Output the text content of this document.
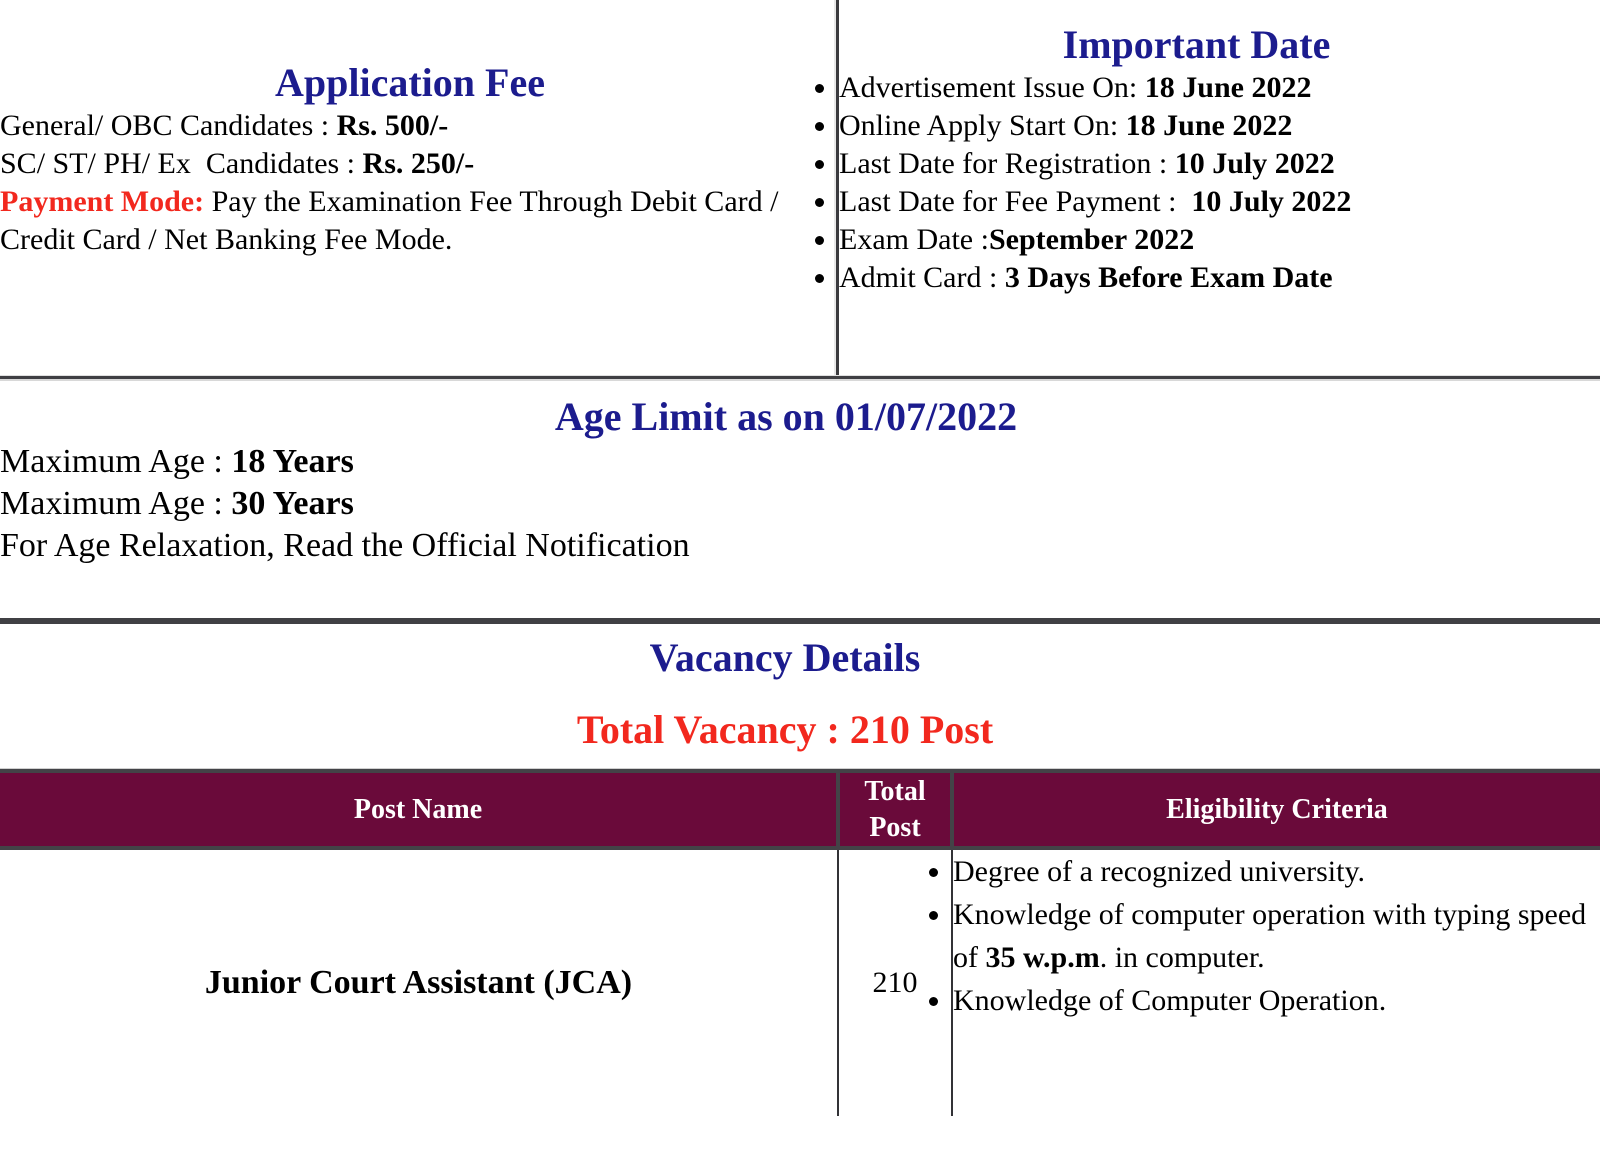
Application Fee
• General/ OBC Candidates : Rs. 500/-
• SC/ ST/ PH/ Ex  Candidates : Rs. 250/-
• Payment Mode: Pay the Examination Fee Through Debit Card / Credit Card / Net Banking Fee Mode.
Important Date
• Advertisement Issue On: 18 June 2022
• Online Apply Start On: 18 June 2022
• Last Date for Registration : 10 July 2022
• Last Date for Fee Payment :  10 July 2022
• Exam Date :September 2022
• Admit Card : 3 Days Before Exam Date
Age Limit as on 01/07/2022
• Maximum Age : 18 Years
• Maximum Age : 30 Years
• For Age Relaxation, Read the Official Notification
Vacancy Details
Total Vacancy : 210 Post
Post Name	Total Post	Eligibility Criteria
Junior Court Assistant (JCA)	210	
• Degree of a recognized university.
• Knowledge of computer operation with typing speed of 35 w.p.m. in computer.
• Knowledge of Computer Operation.
